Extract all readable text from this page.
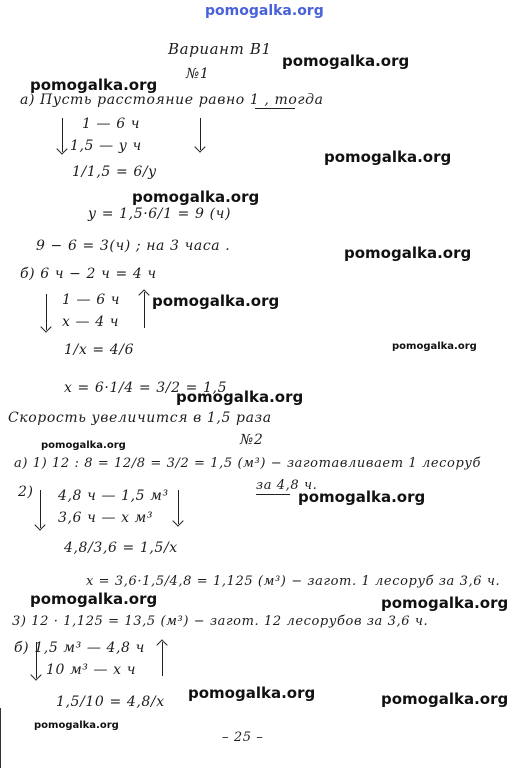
pomogalka.org
pomogalka.org
pomogalka.org
pomogalka.org
pomogalka.org
pomogalka.org
pomogalka.org
pomogalka.org
pomogalka.org
pomogalka.org
pomogalka.org
pomogalka.org	pomogalka.org
pomogalka.org	pomogalka.org
pomogalka.org
Вариант В1
№1
а) Пусть расстояние равно 1 , тогда
1 — 6 ч
1,5 — у ч
1/1,5 = 6/у
у = 1,5·6/1 = 9 (ч)
9 − 6 = 3(ч) ; на 3 часа .
б) 6 ч − 2 ч = 4 ч
1 — 6 ч
х — 4 ч
1/х = 4/6
х = 6·1/4 = 3/2 = 1,5
Скорость увеличится в 1,5 раза
№2
а) 1) 12 : 8 = 12/8 = 3/2 = 1,5 (м³) − заготавливает 1 лесоруб
за 4,8 ч.
2) 4,8 ч — 1,5 м³
3,6 ч — х м³
4,8/3,6 = 1,5/х
х = 3,6·1,5/4,8 = 1,125 (м³) − загот. 1 лесоруб за 3,6 ч.
3) 12 · 1,125 = 13,5 (м³) − загот. 12 лесорубов за 3,6 ч.
б) 1,5 м³ — 4,8 ч
10 м³ — х ч
1,5/10 = 4,8/х
– 25 –
